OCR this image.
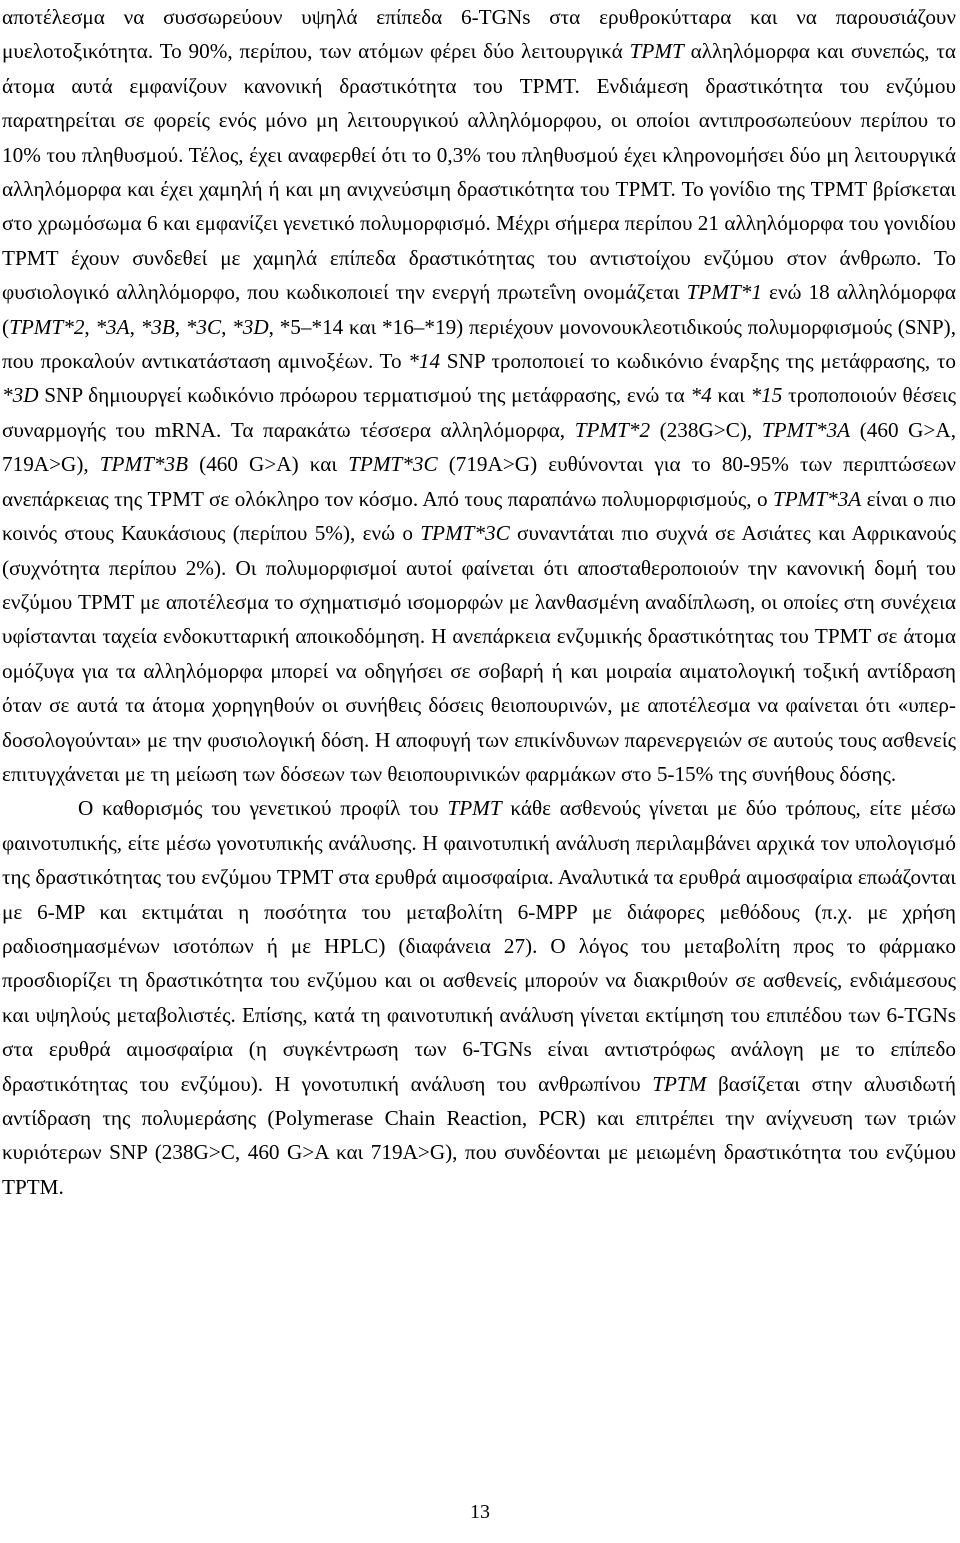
αποτέλεσμα να συσσωρεύουν υψηλά επίπεδα 6-TGNs στα ερυθροκύτταρα και να παρουσιάζουν μυελοτοξικότητα. Το 90%, περίπου, των ατόμων φέρει δύο λειτουργικά TPMT αλληλόμορφα και συνεπώς, τα άτομα αυτά εμφανίζουν κανονική δραστικότητα του TPMT. Ενδιάμεση δραστικότητα του ενζύμου παρατηρείται σε φορείς ενός μόνο μη λειτουργικού αλληλόμορφου, οι οποίοι αντιπροσωπεύουν περίπου το 10% του πληθυσμού. Τέλος, έχει αναφερθεί ότι το 0,3% του πληθυσμού έχει κληρονομήσει δύο μη λειτουργικά αλληλόμορφα και έχει χαμηλή ή και μη ανιχνεύσιμη δραστικότητα του TPMT. Το γονίδιο της TPMT βρίσκεται στο χρωμόσωμα 6 και εμφανίζει γενετικό πολυμορφισμό. Μέχρι σήμερα περίπου 21 αλληλόμορφα του γονιδίου TPMT έχουν συνδεθεί με χαμηλά επίπεδα δραστικότητας του αντιστοίχου ενζύμου στον άνθρωπο. Το φυσιολογικό αλληλόμορφο, που κωδικοποιεί την ενεργή πρωτεΐνη ονομάζεται TPMT*1 ενώ 18 αλληλόμορφα (TPMT*2, *3A, *3B, *3C, *3D, *5–*14 και *16–*19) περιέχουν μονονουκλεοτιδικούς πολυμορφισμούς (SNP), που προκαλούν αντικατάσταση αμινοξέων. Το *14 SNP τροποποιεί το κωδικόνιο έναρξης της μετάφρασης, το *3D SNP δημιουργεί κωδικόνιο πρόωρου τερματισμού της μετάφρασης, ενώ τα *4 και *15 τροποποιούν θέσεις συναρμογής του mRNA. Τα παρακάτω τέσσερα αλληλόμορφα, TPMT*2 (238G>C), TPMT*3A (460 G>A, 719A>G), TPMT*3B (460 G>A) και TPMT*3C (719A>G) ευθύνονται για το 80-95% των περιπτώσεων ανεπάρκειας της TPMT σε ολόκληρο τον κόσμο. Από τους παραπάνω πολυμορφισμούς, ο TPMT*3A είναι ο πιο κοινός στους Καυκάσιους (περίπου 5%), ενώ ο TPMT*3C συναντάται πιο συχνά σε Ασιάτες και Αφρικανούς (συχνότητα περίπου 2%). Οι πολυμορφισμοί αυτοί φαίνεται ότι αποσταθεροποιούν την κανονική δομή του ενζύμου TPMT με αποτέλεσμα το σχηματισμό ισομορφών με λανθασμένη αναδίπλωση, οι οποίες στη συνέχεια υφίστανται ταχεία ενδοκυτταρική αποικοδόμηση. Η ανεπάρκεια ενζυμικής δραστικότητας του TPMT σε άτομα ομόζυγα για τα αλληλόμορφα μπορεί να οδηγήσει σε σοβαρή ή και μοιραία αιματολογική τοξική αντίδραση όταν σε αυτά τα άτομα χορηγηθούν οι συνήθεις δόσεις θειοπουρινών, με αποτέλεσμα να φαίνεται ότι «υπερ-δοσολογούνται» με την φυσιολογική δόση. Η αποφυγή των επικίνδυνων παρενεργειών σε αυτούς τους ασθενείς επιτυγχάνεται με τη μείωση των δόσεων των θειοπουρινικών φαρμάκων στο 5-15% της συνήθους δόσης.

Ο καθορισμός του γενετικού προφίλ του TPMT κάθε ασθενούς γίνεται με δύο τρόπους, είτε μέσω φαινοτυπικής, είτε μέσω γονοτυπικής ανάλυσης. Η φαινοτυπική ανάλυση περιλαμβάνει αρχικά τον υπολογισμό της δραστικότητας του ενζύμου TPMT στα ερυθρά αιμοσφαίρια. Αναλυτικά τα ερυθρά αιμοσφαίρια επωάζονται με 6-MP και εκτιμάται η ποσότητα του μεταβολίτη 6-MPP με διάφορες μεθόδους (π.χ. με χρήση ραδιοσημασμένων ισοτόπων ή με HPLC) (διαφάνεια 27). Ο λόγος του μεταβολίτη προς το φάρμακο προσδιορίζει τη δραστικότητα του ενζύμου και οι ασθενείς μπορούν να διακριθούν σε ασθενείς, ενδιάμεσους και υψηλούς μεταβολιστές. Επίσης, κατά τη φαινοτυπική ανάλυση γίνεται εκτίμηση του επιπέδου των 6-TGNs στα ερυθρά αιμοσφαίρια (η συγκέντρωση των 6-TGNs είναι αντιστρόφως ανάλογη με το επίπεδο δραστικότητας του ενζύμου). Η γονοτυπική ανάλυση του ανθρωπίνου TPTM βασίζεται στην αλυσιδωτή αντίδραση της πολυμεράσης (Polymerase Chain Reaction, PCR) και επιτρέπει την ανίχνευση των τριών κυριότερων SNP (238G>C, 460 G>A και 719A>G), που συνδέονται με μειωμένη δραστικότητα του ενζύμου TPTM.

13
